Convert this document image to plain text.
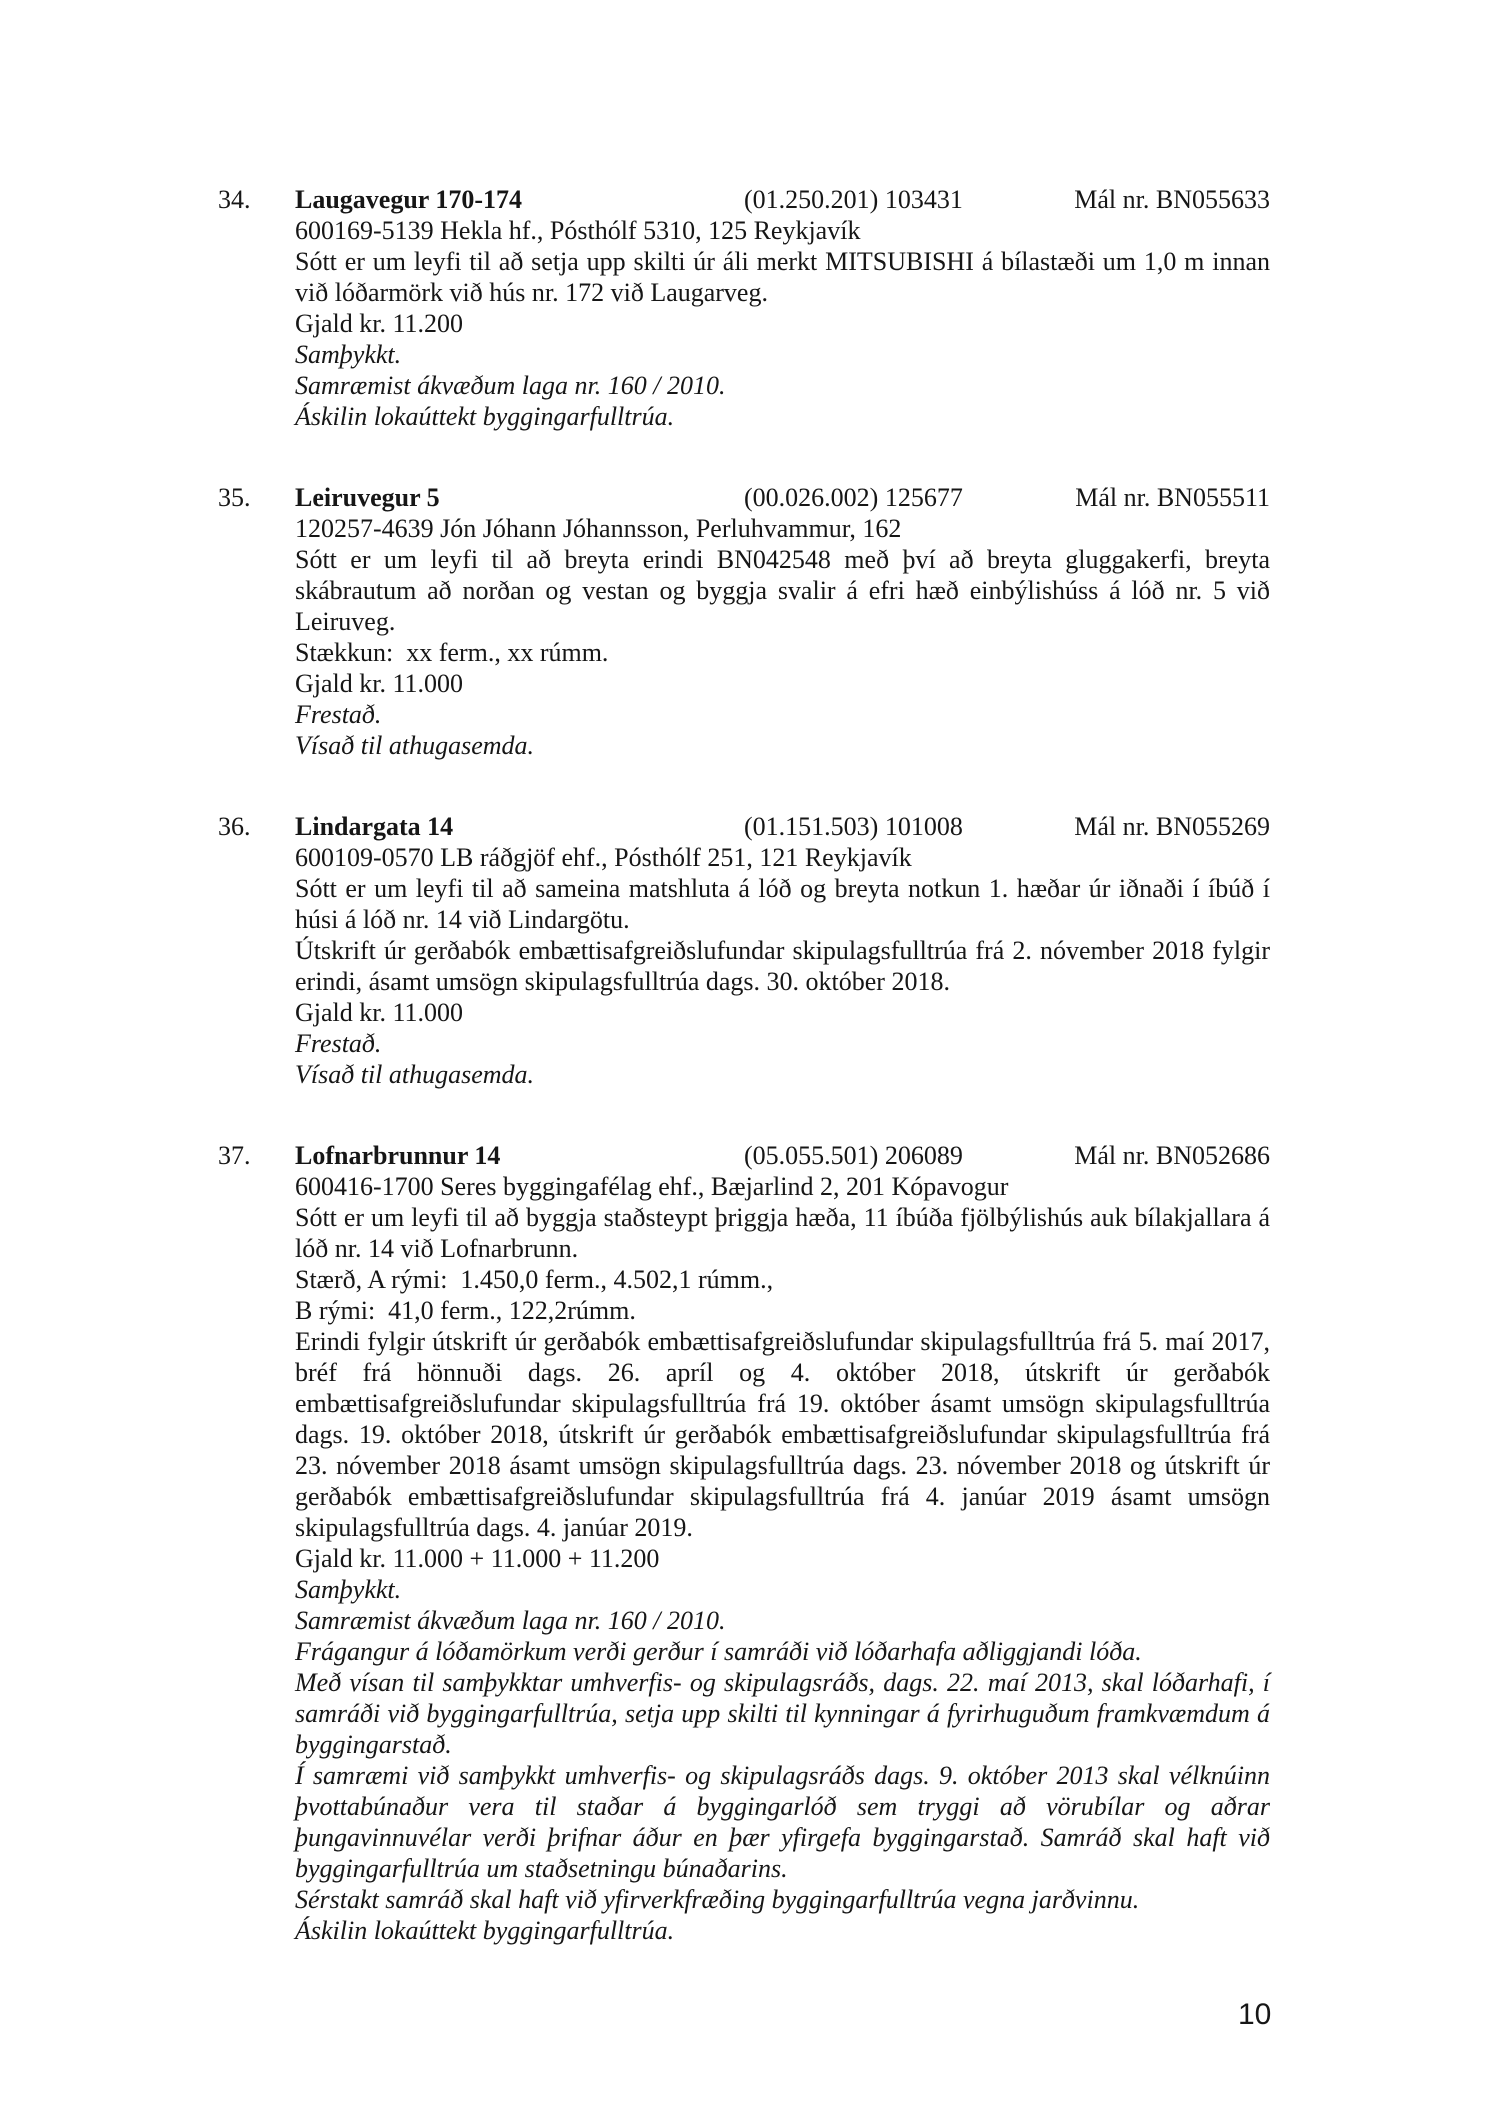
34. Laugavegur 170-174	(01.250.201) 103431	Mál nr. BN055633

600169-5139 Hekla hf., Pósthólf 5310, 125 Reykjavík

Sótt er um leyfi til að setja upp skilti úr áli merkt MITSUBISHI á bílastæði um 1,0 m innan við lóðarmörk við hús nr. 172 við Laugarveg.

Gjald kr. 11.200

Samþykkt.

Samræmist ákvæðum laga nr. 160 / 2010.

Áskilin lokaúttekt byggingarfulltrúa.

35. Leiruvegur 5	(00.026.002) 125677	Mál nr. BN055511

120257-4639 Jón Jóhann Jóhannsson, Perluhvammur, 162

Sótt er um leyfi til að breyta erindi BN042548 með því að breyta gluggakerfi, breyta skábrautum að norðan og vestan og byggja svalir á efri hæð einbýlishúss á lóð nr. 5 við Leiruveg.

Stækkun:  xx ferm., xx rúmm.

Gjald kr. 11.000

Frestað.

Vísað til athugasemda.

36. Lindargata 14	(01.151.503) 101008	Mál nr. BN055269

600109-0570 LB ráðgjöf ehf., Pósthólf 251, 121 Reykjavík

Sótt er um leyfi til að sameina matshluta á lóð og breyta notkun 1. hæðar úr iðnaði í íbúð í húsi á lóð nr. 14 við Lindargötu.

Útskrift úr gerðabók embættisafgreiðslufundar skipulagsfulltrúa frá 2. nóvember 2018 fylgir erindi, ásamt umsögn skipulagsfulltrúa dags. 30. október 2018.

Gjald kr. 11.000

Frestað.

Vísað til athugasemda.

37. Lofnarbrunnur 14	(05.055.501) 206089	Mál nr. BN052686

600416-1700 Seres byggingafélag ehf., Bæjarlind 2, 201 Kópavogur

Sótt er um leyfi til að byggja staðsteypt þriggja hæða, 11 íbúða fjölbýlishús auk bílakjallara á lóð nr. 14 við Lofnarbrunn.

Stærð, A rými:  1.450,0 ferm., 4.502,1 rúmm.,

B rými:  41,0 ferm., 122,2rúmm.

Erindi fylgir útskrift úr gerðabók embættisafgreiðslufundar skipulagsfulltrúa frá 5. maí 2017, bréf frá hönnuði dags. 26. apríl og 4. október 2018, útskrift úr gerðabók embættisafgreiðslufundar skipulagsfulltrúa frá 19. október ásamt umsögn skipulagsfulltrúa dags. 19. október 2018, útskrift úr gerðabók embættisafgreiðslufundar skipulagsfulltrúa frá 23. nóvember 2018 ásamt umsögn skipulagsfulltrúa dags. 23. nóvember 2018 og útskrift úr gerðabók embættisafgreiðslufundar skipulagsfulltrúa frá 4. janúar 2019 ásamt umsögn skipulagsfulltrúa dags. 4. janúar 2019.

Gjald kr. 11.000 + 11.000 + 11.200

Samþykkt.

Samræmist ákvæðum laga nr. 160 / 2010.

Frágangur á lóðamörkum verði gerður í samráði við lóðarhafa aðliggjandi lóða.

Með vísan til samþykktar umhverfis- og skipulagsráðs, dags. 22. maí 2013, skal lóðarhafi, í samráði við byggingarfulltrúa, setja upp skilti til kynningar á fyrirhuguðum framkvæmdum á byggingarstað.

Í samræmi við samþykkt umhverfis- og skipulagsráðs dags. 9. október 2013 skal vélknúinn þvottabúnaður vera til staðar á byggingarlóð sem tryggi að vörubílar og aðrar þungavinnuvélar verði þrifnar áður en þær yfirgefa byggingarstað. Samráð skal haft við byggingarfulltrúa um staðsetningu búnaðarins.

Sérstakt samráð skal haft við yfirverkfræðing byggingarfulltrúa vegna jarðvinnu.

Áskilin lokaúttekt byggingarfulltrúa.

10
